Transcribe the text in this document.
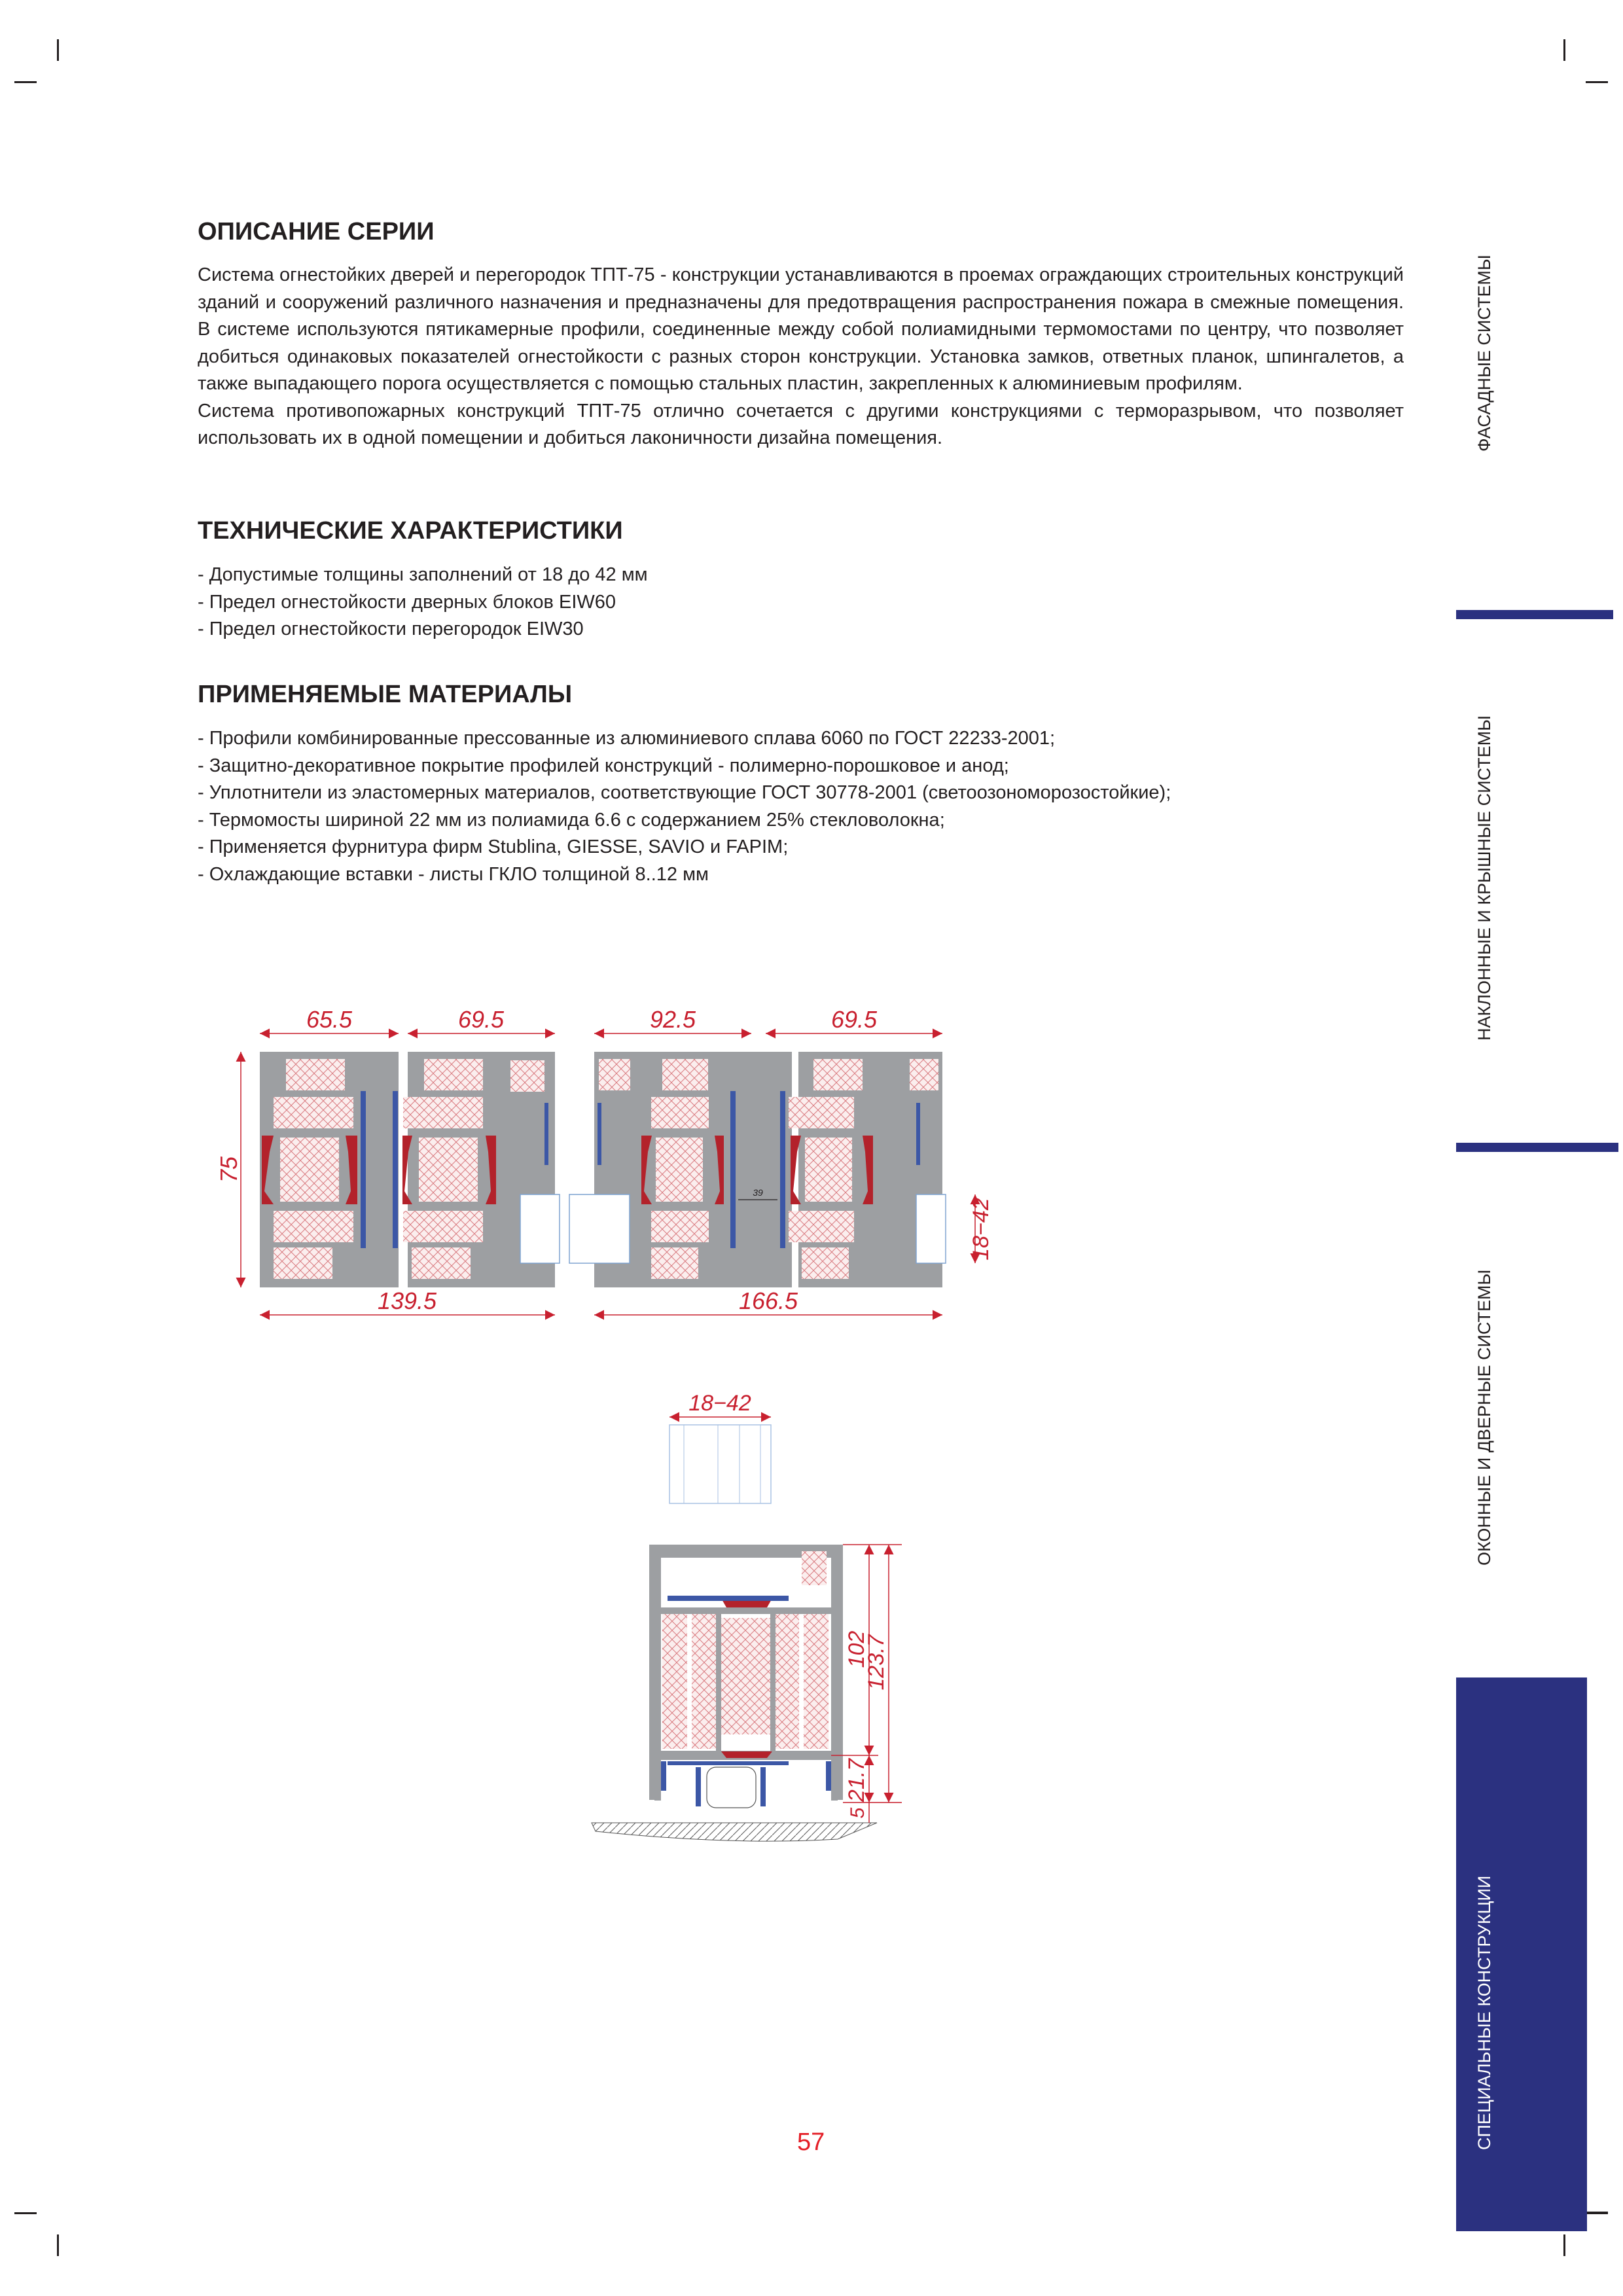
ОПИСАНИЕ СЕРИИ

Система огнестойких дверей и перегородок ТПТ-75 - конструкции устанавливаются в проемах ограждающих строительных конструкций зданий и сооружений различного назначения и предназначены для предотвращения распространения пожара в смежные помещения. В системе используются пятикамерные профили, соединенные между собой полиамидными термомостами по центру, что позволяет добиться одинаковых показателей огнестойкости с разных сторон конструкции. Установка замков, ответных планок, шпингалетов, а также выпадающего порога осуществляется с помощью стальных пластин, закрепленных к алюминиевым профилям.

Система противопожарных конструкций ТПТ-75 отлично сочетается с другими конструкциями с терморазрывом, что позволяет использовать их в одной помещении и добиться лаконичности дизайна помещения.

ТЕХНИЧЕСКИЕ ХАРАКТЕРИСТИКИ
- Допустимые толщины заполнений от 18 до 42 мм
- Предел огнестойкости дверных блоков EIW60
- Предел огнестойкости перегородок EIW30
ПРИМЕНЯЕМЫЕ МАТЕРИАЛЫ
- Профили комбинированные прессованные из алюминиевого сплава 6060 по ГОСТ 22233-2001;
- Защитно-декоративное покрытие профилей конструкций - полимерно-порошковое и анод;
- Уплотнители из эластомерных материалов, соответствующие ГОСТ 30778-2001 (светоозономорозостойкие);
- Термомосты шириной 22 мм из полиамида 6.6 с содержанием 25% стекловолокна;
- Применяется фурнитура фирм Stublina, GIESSE, SAVIO и FAPIM;
- Охлаждающие вставки - листы ГКЛО толщиной 8..12 мм
ФАСАДНЫЕ СИСТЕМЫ
НАКЛОННЫЕ И КРЫШНЫЕ СИСТЕМЫ
ОКОННЫЕ И ДВЕРНЫЕ СИСТЕМЫ
СПЕЦИАЛЬНЫЕ КОНСТРУКЦИИ
65.5	69.5
139.5
75
92.5	69.5
166.5
39
18−42
18−42
102
123.7
21.7
5
57
